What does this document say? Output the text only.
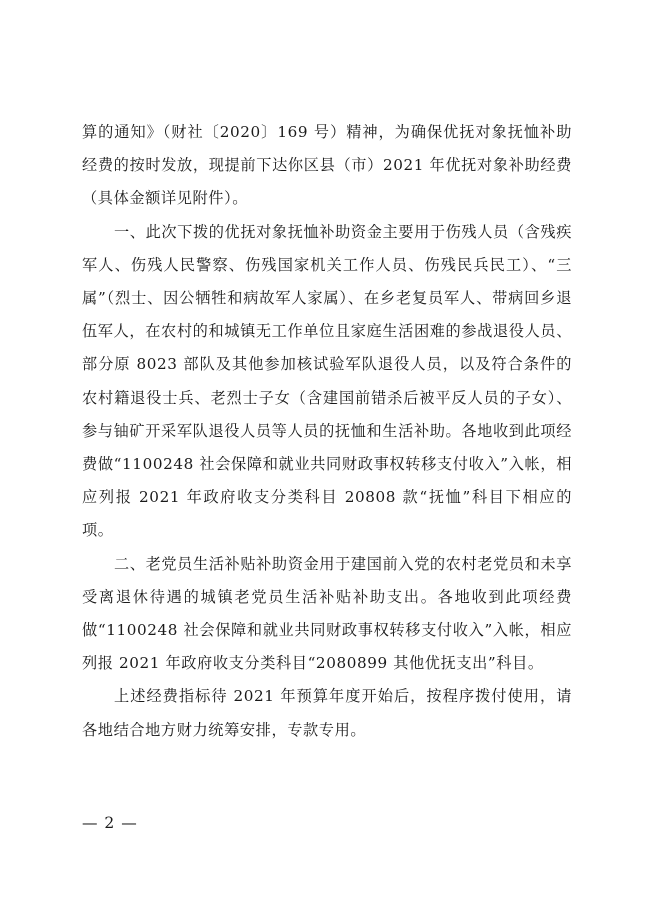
算的通知》（财社〔2020〕169 号）精神，为确保优抚对象抚恤补助经费的按时发放，现提前下达你区县（市）2021 年优抚对象补助经费（具体金额详见附件）。

一、此次下拨的优抚对象抚恤补助资金主要用于伤残人员（含残疾军人、伤残人民警察、伤残国家机关工作人员、伤残民兵民工）、“三属”（烈士、因公牺牲和病故军人家属）、在乡老复员军人、带病回乡退伍军人，在农村的和城镇无工作单位且家庭生活困难的参战退役人员、部分原 8023 部队及其他参加核试验军队退役人员，以及符合条件的农村籍退役士兵、老烈士子女（含建国前错杀后被平反人员的子女）、参与铀矿开采军队退役人员等人员的抚恤和生活补助。各地收到此项经费做“1100248 社会保障和就业共同财政事权转移支付收入”入帐，相应列报 2021 年政府收支分类科目 20808 款“抚恤”科目下相应的项。

二、老党员生活补贴补助资金用于建国前入党的农村老党员和未享受离退休待遇的城镇老党员生活补贴补助支出。各地收到此项经费做“1100248 社会保障和就业共同财政事权转移支付收入”入帐，相应列报 2021 年政府收支分类科目“2080899 其他优抚支出”科目。

上述经费指标待 2021 年预算年度开始后，按程序拨付使用，请各地结合地方财力统筹安排，专款专用。

— 2 —
